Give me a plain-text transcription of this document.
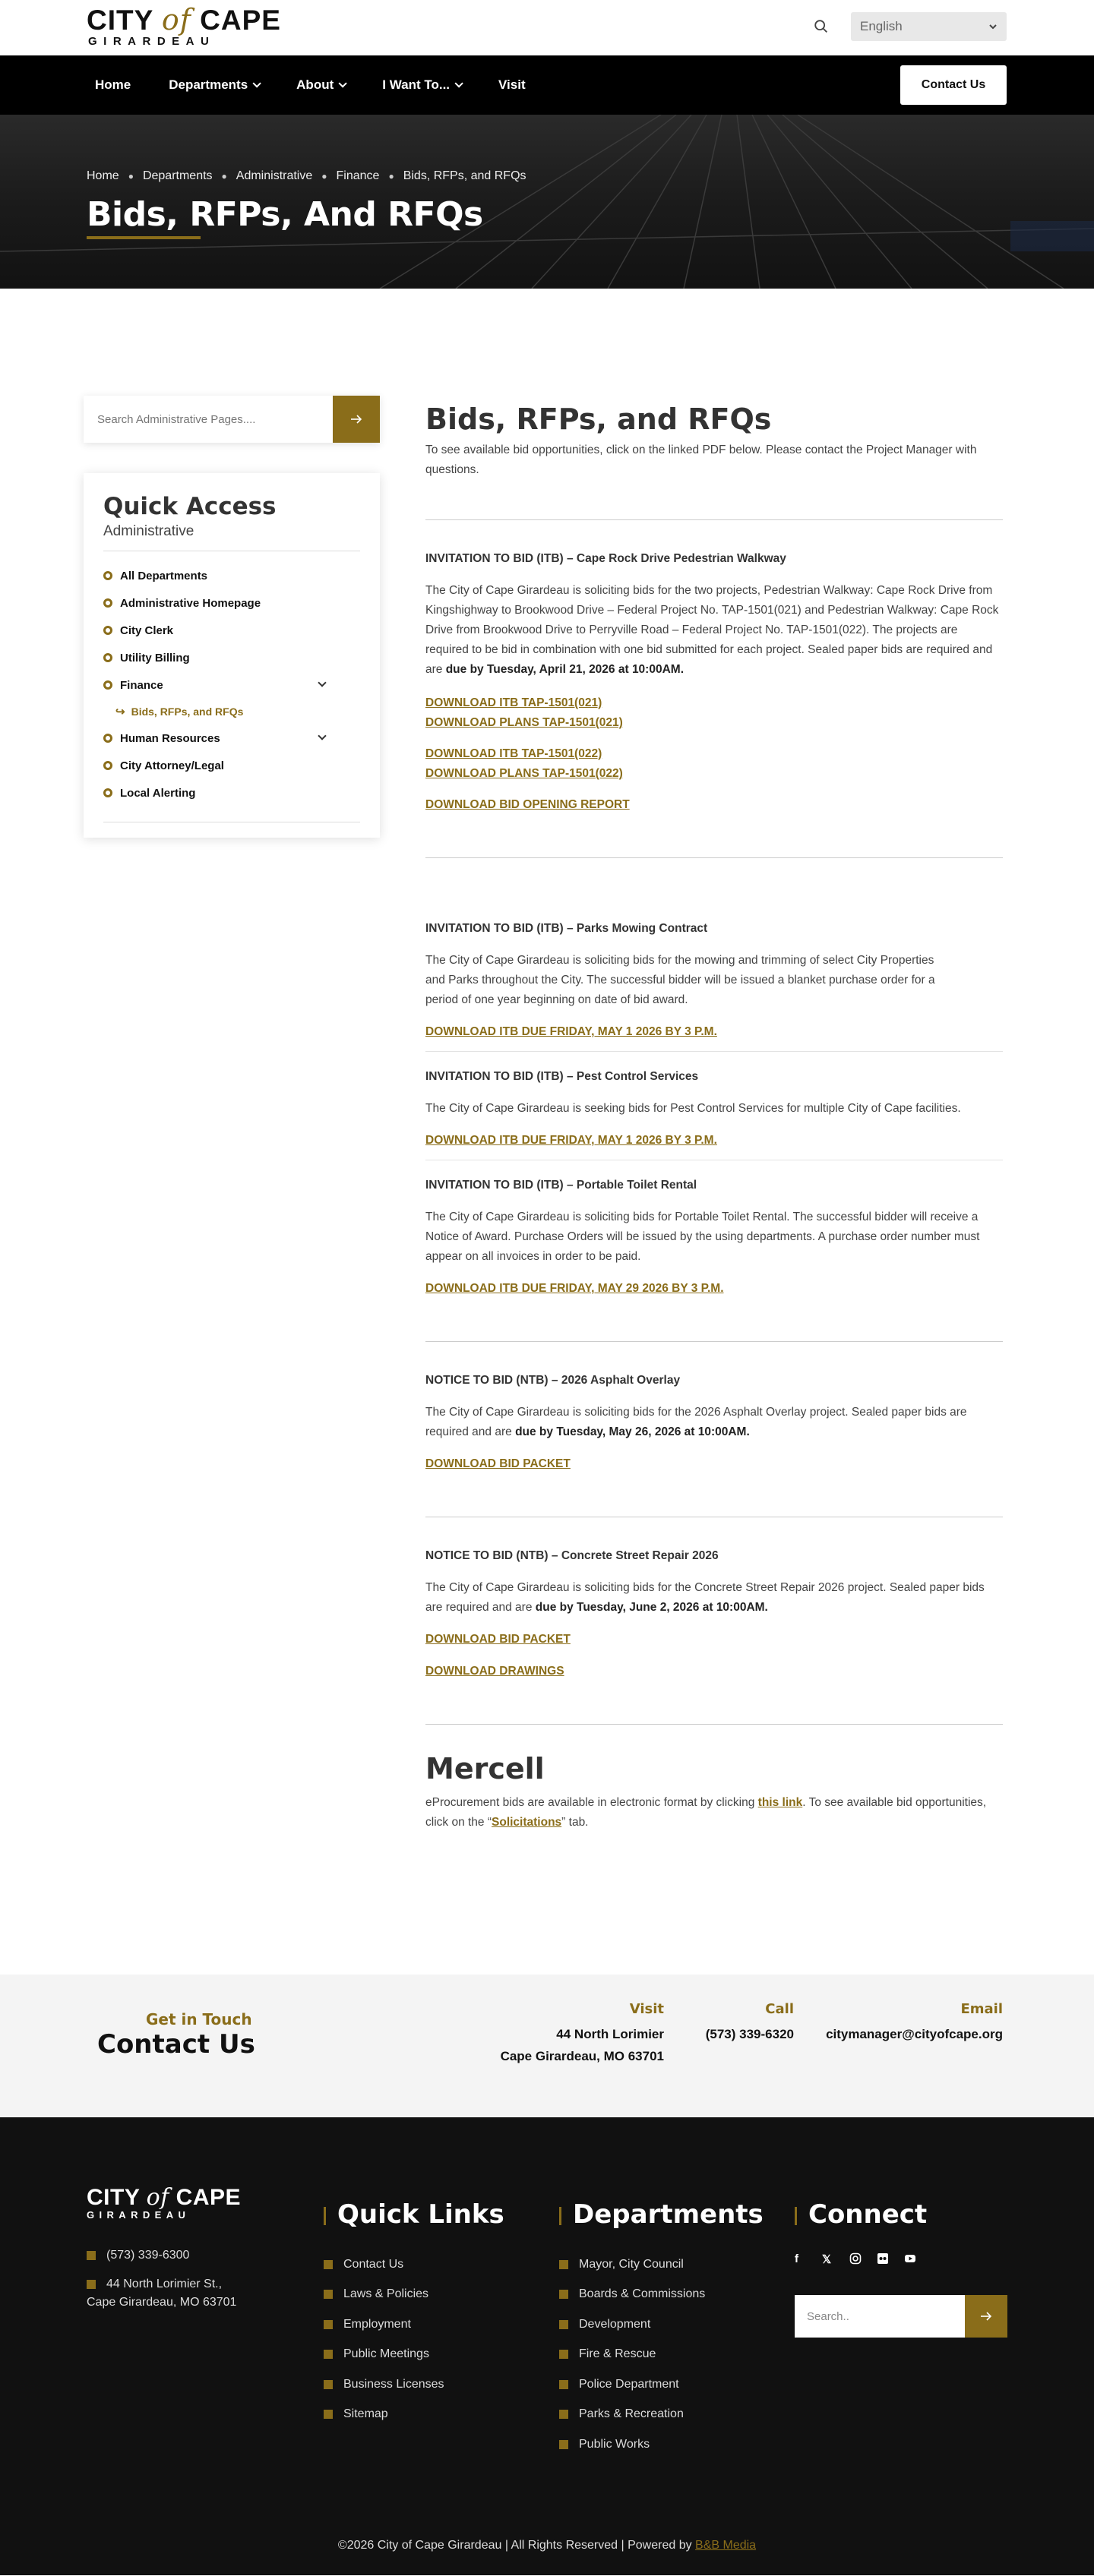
CITY of CAPE
GIRARDEAU
English
Home	Departments	About	I Want To...	Visit	Contact Us
Home ● Departments ● Administrative ● Finance ● Bids, RFPs, and RFQs
Bids, RFPs, And RFQs
Search Administrative Pages....
Quick Access
Administrative
All Departments
Administrative Homepage
City Clerk
Utility Billing
Finance
↪ Bids, RFPs, and RFQs
Human Resources
City Attorney/Legal
Local Alerting
Bids, RFPs, and RFQs

To see available bid opportunities, click on the linked PDF below. Please contact the Project Manager with questions.

INVITATION TO BID (ITB) – Cape Rock Drive Pedestrian Walkway

The City of Cape Girardeau is soliciting bids for the two projects, Pedestrian Walkway: Cape Rock Drive from Kingshighway to Brookwood Drive – Federal Project No. TAP-1501(021) and Pedestrian Walkway: Cape Rock Drive from Brookwood Drive to Perryville Road – Federal Project No. TAP-1501(022). The projects are required to be bid in combination with one bid submitted for each project. Sealed paper bids are required and are due by Tuesday, April 21, 2026 at 10:00AM.

DOWNLOAD ITB TAP-1501(021)
DOWNLOAD PLANS TAP-1501(021)
DOWNLOAD ITB TAP-1501(022)
DOWNLOAD PLANS TAP-1501(022)
DOWNLOAD BID OPENING REPORT
INVITATION TO BID (ITB) – Parks Mowing Contract

The City of Cape Girardeau is soliciting bids for the mowing and trimming of select City Properties and Parks throughout the City. The successful bidder will be issued a blanket purchase order for a period of one year beginning on date of bid award.

DOWNLOAD ITB DUE FRIDAY, MAY 1 2026 BY 3 P.M.
INVITATION TO BID (ITB) – Pest Control Services

The City of Cape Girardeau is seeking bids for Pest Control Services for multiple City of Cape facilities.

DOWNLOAD ITB DUE FRIDAY, MAY 1 2026 BY 3 P.M.
INVITATION TO BID (ITB) – Portable Toilet Rental

The City of Cape Girardeau is soliciting bids for Portable Toilet Rental. The successful bidder will receive a Notice of Award. Purchase Orders will be issued by the using departments. A purchase order number must appear on all invoices in order to be paid.

DOWNLOAD ITB DUE FRIDAY, MAY 29 2026 BY 3 P.M.
NOTICE TO BID (NTB) – 2026 Asphalt Overlay

The City of Cape Girardeau is soliciting bids for the 2026 Asphalt Overlay project. Sealed paper bids are required and are due by Tuesday, May 26, 2026 at 10:00AM.

DOWNLOAD BID PACKET
NOTICE TO BID (NTB) – Concrete Street Repair 2026

The City of Cape Girardeau is soliciting bids for the Concrete Street Repair 2026 project. Sealed paper bids are required and are due by Tuesday, June 2, 2026 at 10:00AM.

DOWNLOAD BID PACKET
DOWNLOAD DRAWINGS
Mercell

eProcurement bids are available in electronic format by clicking this link. To see available bid opportunities, click on the “Solicitations” tab.

Get in Touch
Contact Us
Visit
44 North Lorimier
Cape Girardeau, MO 63701
Call
(573) 339-6320
Email
citymanager@cityofcape.org
CITY of CAPE
GIRARDEAU
(573) 339-6300
44 North Lorimier St.,
Cape Girardeau, MO 63701
Quick Links
Contact Us
Laws & Policies
Employment
Public Meetings
Business Licenses
Sitemap
Departments
Mayor, City Council
Boards & Commissions
Development
Fire & Rescue
Police Department
Parks & Recreation
Public Works
Connect
f	𝕏
Search..
©2026 City of Cape Girardeau | All Rights Reserved | Powered by B&B Media
